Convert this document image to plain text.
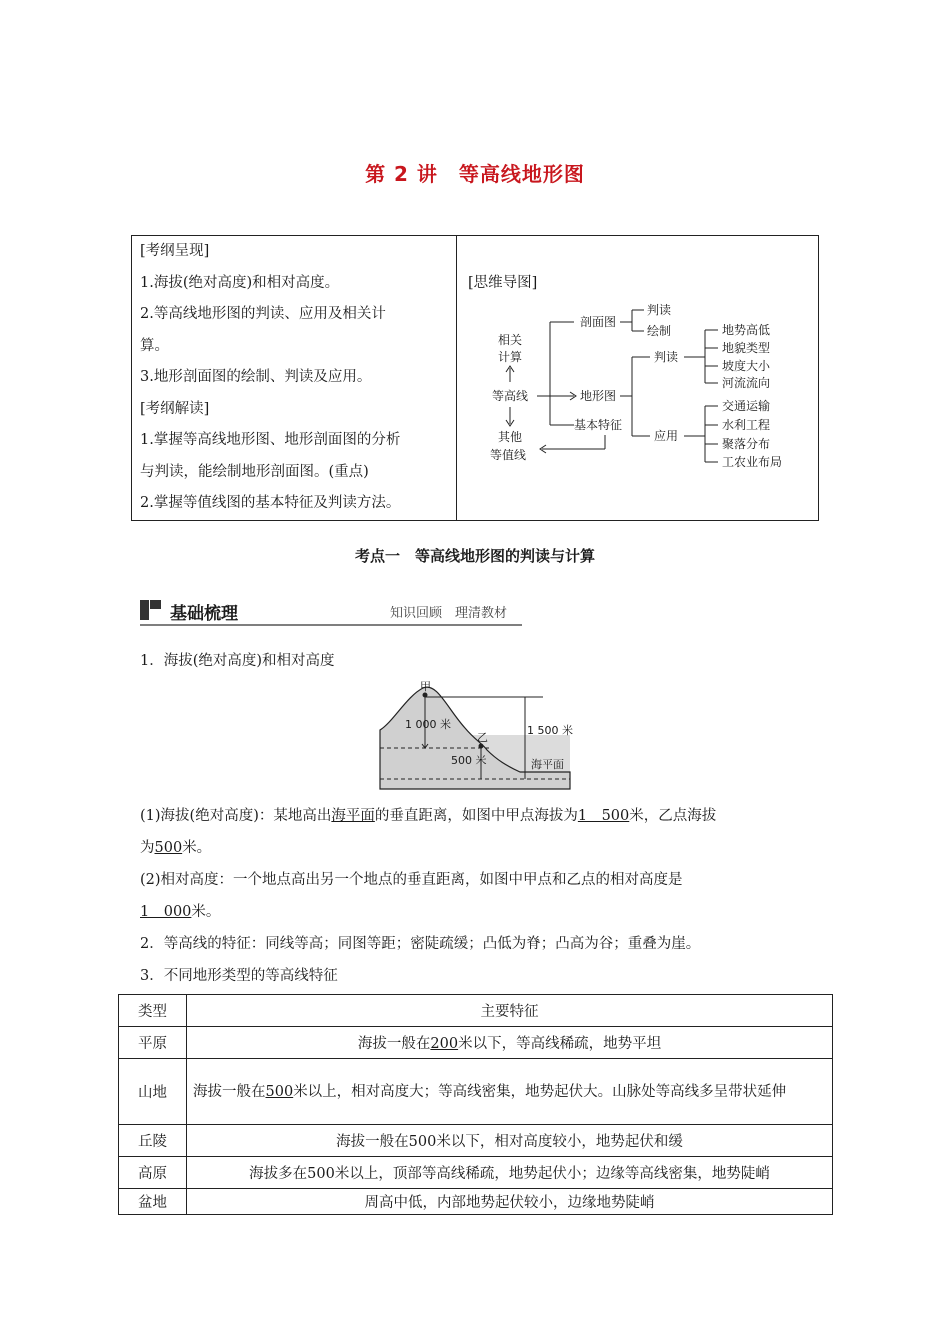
第 2 讲　等高线地形图
[考纲呈现]
1.海拔(绝对高度)和相对高度。
2.等高线地形图的判读、应用及相关计
算。
3.地形剖面图的绘制、判读及应用。
[考纲解读]
1.掌握等高线地形图、地形剖面图的分析
与判读，能绘制地形剖面图。(重点)
2.掌握等值线图的基本特征及判读方法。
[思维导图]
相关
计算
等高线
其他
等值线
剖面图
判读
绘制
地形图
基本特征
判读
应用
地势高低
地貌类型
坡度大小
河流流向
交通运输
水利工程
聚落分布
工农业布局
考点一　等高线地形图的判读与计算
基础梳理	知识回顾　理清教材
1．海拔(绝对高度)和相对高度
甲
乙
1 000 米	1 500 米
500 米	海平面
(1)海拔(绝对高度)：某地高出海平面的垂直距离，如图中甲点海拔为1　500米，乙点海拔
为500米。
(2)相对高度：一个地点高出另一个地点的垂直距离，如图中甲点和乙点的相对高度是
1　000米。
2．等高线的特征：同线等高；同图等距；密陡疏缓；凸低为脊；凸高为谷；重叠为崖。
3．不同地形类型的等高线特征
类型	主要特征
平原	海拔一般在200米以下，等高线稀疏，地势平坦
山地	海拔一般在500米以上，相对高度大；等高线密集，地势起伏大。山脉处等高线多呈带状延伸
丘陵	海拔一般在500米以下，相对高度较小，地势起伏和缓
高原	海拔多在500米以上，顶部等高线稀疏，地势起伏小；边缘等高线密集，地势陡峭
盆地	周高中低，内部地势起伏较小，边缘地势陡峭
